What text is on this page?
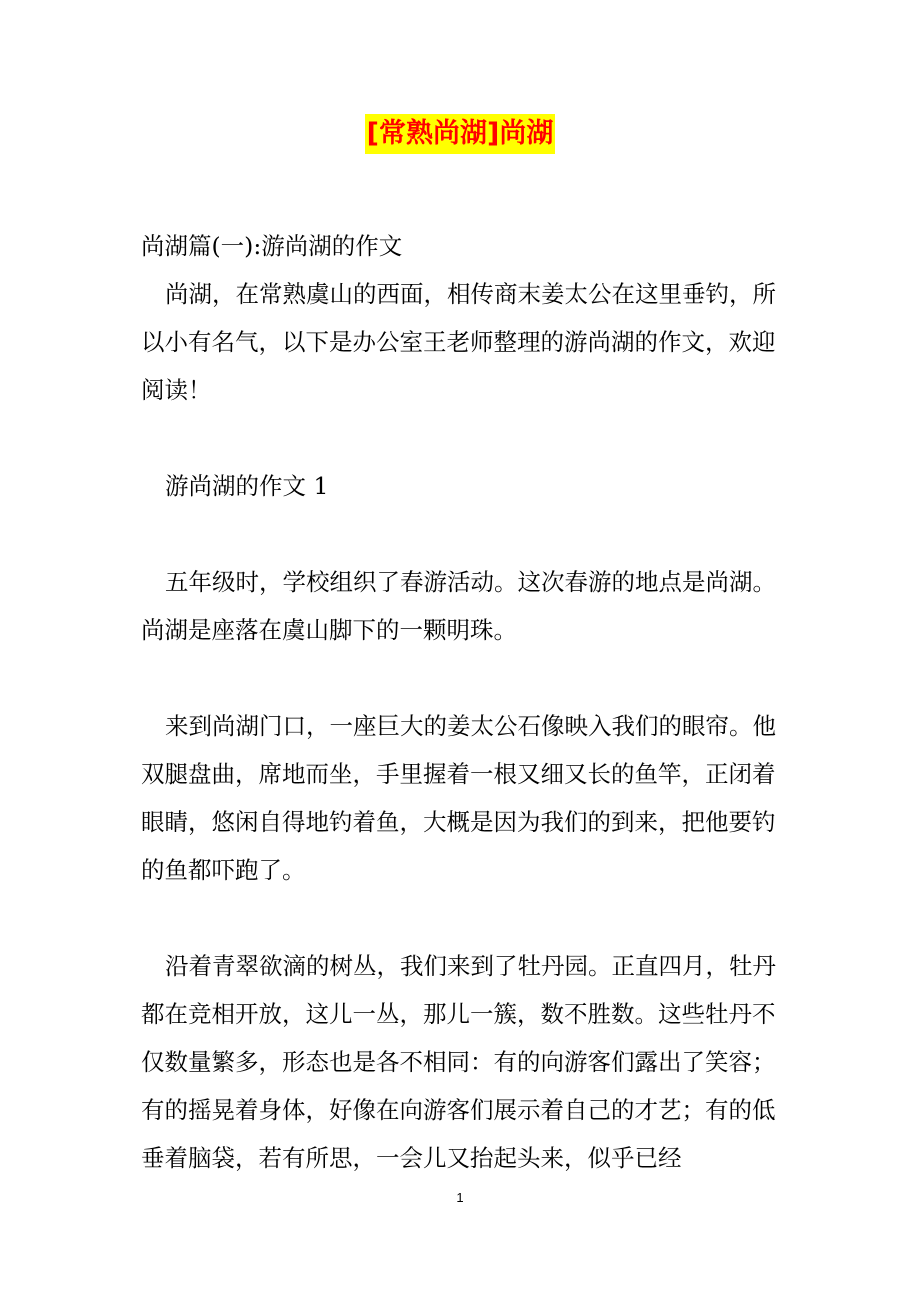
[常熟尚湖]尚湖

尚湖篇(一):游尚湖的作文

尚湖，在常熟虞山的西面，相传商末姜太公在这里垂钓，所以小有名气，以下是办公室王老师整理的游尚湖的作文，欢迎阅读！

游尚湖的作文 1

五年级时，学校组织了春游活动。这次春游的地点是尚湖。尚湖是座落在虞山脚下的一颗明珠。

来到尚湖门口，一座巨大的姜太公石像映入我们的眼帘。他双腿盘曲，席地而坐，手里握着一根又细又长的鱼竿，正闭着眼睛，悠闲自得地钓着鱼，大概是因为我们的到来，把他要钓的鱼都吓跑了。

沿着青翠欲滴的树丛，我们来到了牡丹园。正直四月，牡丹都在竞相开放，这儿一丛，那儿一簇，数不胜数。这些牡丹不仅数量繁多，形态也是各不相同：有的向游客们露出了笑容；有的摇晃着身体，好像在向游客们展示着自己的才艺；有的低垂着脑袋，若有所思，一会儿又抬起头来，似乎已经

1
